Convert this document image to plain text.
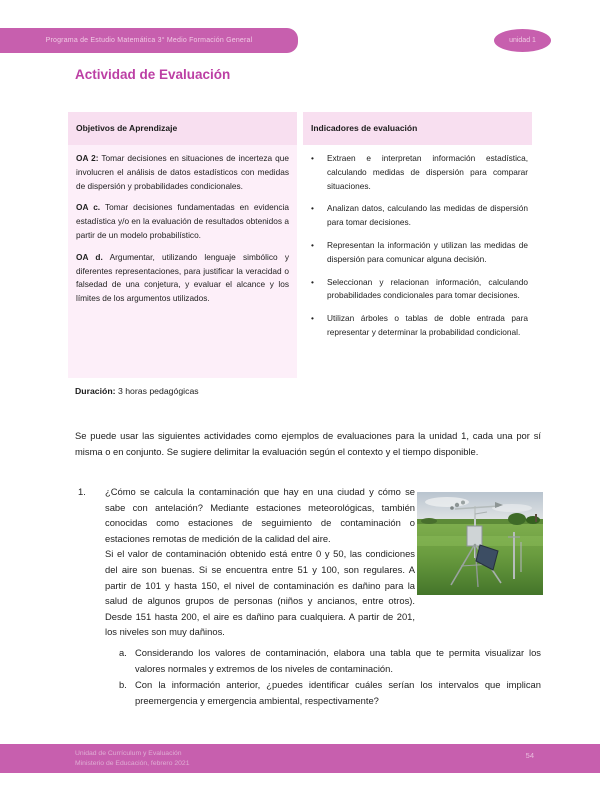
Programa de Estudio Matemática 3° Medio Formación General	unidad 1
Actividad de Evaluación
Objetivos de Aprendizaje

OA 2: Tomar decisiones en situaciones de incerteza que involucren el análisis de datos estadísticos con medidas de dispersión y probabilidades condicionales.

OA c. Tomar decisiones fundamentadas en evidencia estadística y/o en la evaluación de resultados obtenidos a partir de un modelo probabilístico.

OA d. Argumentar, utilizando lenguaje simbólico y diferentes representaciones, para justificar la veracidad o falsedad de una conjetura, y evaluar el alcance y los límites de los argumentos utilizados.

Indicadores de evaluación
•	Extraen e interpretan información estadística, calculando medidas de dispersión para comparar situaciones.
•	Analizan datos, calculando las medidas de dispersión para tomar decisiones.
•	Representan la información y utilizan las medidas de dispersión para comunicar alguna decisión.
•	Seleccionan y relacionan información, calculando probabilidades condicionales para tomar decisiones.
•	Utilizan árboles o tablas de doble entrada para representar y determinar la probabilidad condicional.
Duración: 3 horas pedagógicas
Se puede usar las siguientes actividades como ejemplos de evaluaciones para la unidad 1, cada una por sí misma o en conjunto. Se sugiere delimitar la evaluación según el contexto y el tiempo disponible.
1.	¿Cómo se calcula la contaminación que hay en una ciudad y cómo se sabe con antelación? Mediante estaciones meteorológicas, también conocidas como estaciones de seguimiento de contaminación o estaciones remotas de medición de la calidad del aire.

Si el valor de contaminación obtenido está entre 0 y 50, las condiciones del aire son buenas. Si se encuentra entre 51 y 100, son regulares. A partir de 101 y hasta 150, el nivel de contaminación es dañino para la salud de algunos grupos de personas (niños y ancianos, entre otros). Desde 151 hasta 200, el aire es dañino para cualquiera. A partir de 201, los niveles son muy dañinos.

a. Considerando los valores de contaminación, elabora una tabla que te permita visualizar los valores normales y extremos de los niveles de contaminación.
b. Con la información anterior, ¿puedes identificar cuáles serían los intervalos que implican preemergencia y emergencia ambiental, respectivamente?
Unidad de Currículum y Evaluación
Ministerio de Educación, febrero 2021
54
